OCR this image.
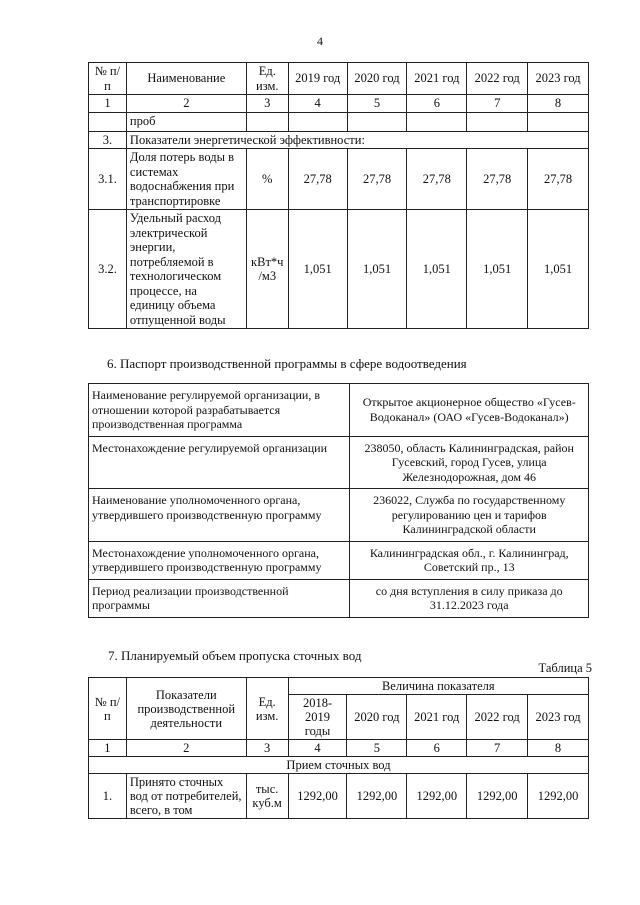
4
№ п/п	Наименование	Ед. изм.	2019 год	2020 год	2021 год	2022 год	2023 год
1	2	3	4	5	6	7	8
	проб						
3.	Показатели энергетической эффективности:						
3.1.	Доля потерь воды в системах водоснабжения при транспортировке	%	27,78	27,78	27,78	27,78	27,78
3.2.	Удельный расход электрической энергии, потребляемой в технологическом процессе, на единицу объема отпущенной воды	кВт*ч /м3	1,051	1,051	1,051	1,051	1,051
6. Паспорт производственной программы в сфере водоотведения
Наименование регулируемой организации, в отношении которой разрабатывается производственная программа	Открытое акционерное общество «Гусев-Водоканал» (ОАО «Гусев-Водоканал»)
Местонахождение регулируемой организации	238050, область Калининградская, район Гусевский, город Гусев, улица Железнодорожная, дом 46
Наименование уполномоченного органа, утвердившего производственную программу	236022, Служба по государственному регулированию цен и тарифов Калининградской области
Местонахождение уполномоченного органа, утвердившего производственную программу	Калининградская обл., г. Калининград, Советский пр., 13
Период реализации производственной программы	со дня вступления в силу приказа до 31.12.2023 года
7. Планируемый объем пропуска сточных вод
Таблица 5
№ п/п	Показатели производственной деятельности	Ед. изм.	Величина показателя				
			2018-2019 годы	2020 год	2021 год	2022 год	2023 год
1	2	3	4	5	6	7	8
Прием сточных вод							
1.	Принято сточных вод от потребителей, всего, в том	тыс. куб.м	1292,00	1292,00	1292,00	1292,00	1292,00
